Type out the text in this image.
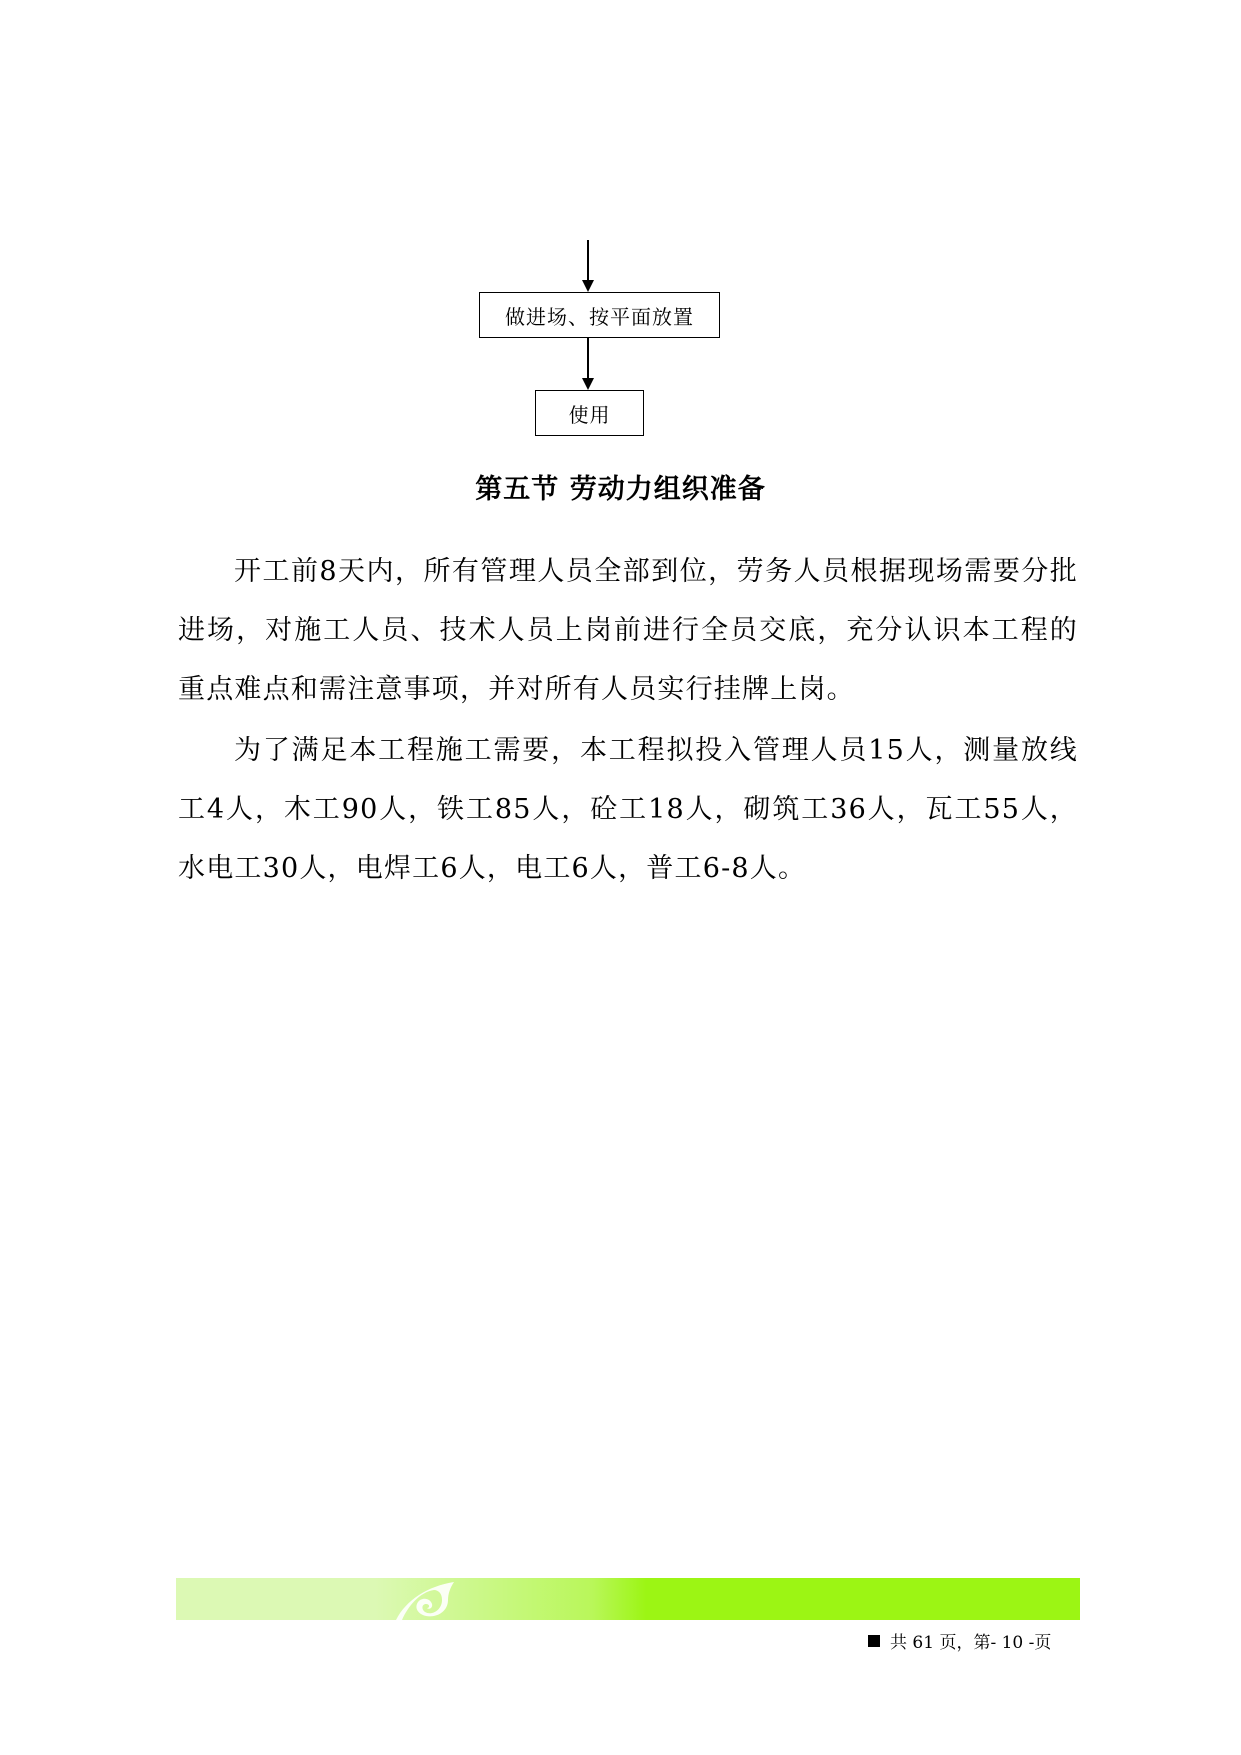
做进场、按平面放置
使用
第五节 劳动力组织准备

开工前8天内，所有管理人员全部到位，劳务人员根据现场需要分批进场，对施工人员、技术人员上岗前进行全员交底，充分认识本工程的重点难点和需注意事项，并对所有人员实行挂牌上岗。

为了满足本工程施工需要，本工程拟投入管理人员15人，测量放线工4人，木工90人，铁工85人，砼工18人，砌筑工36人，瓦工55人，水电工30人，电焊工6人，电工6人，普工6-8人。

共 61 页，第- 10 -页
